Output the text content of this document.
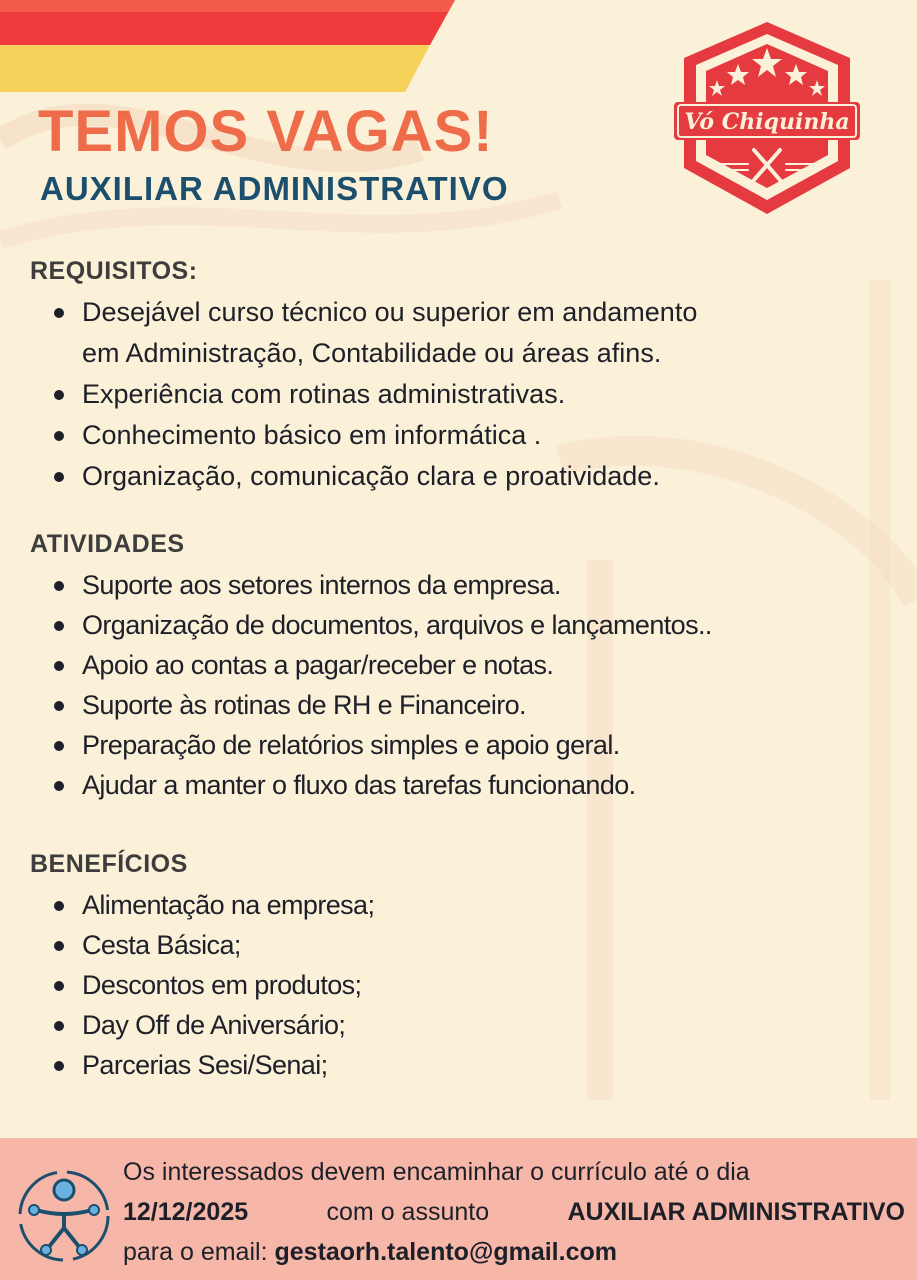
TEMOS VAGAS!
AUXILIAR ADMINISTRATIVO
Vó Chiquinha
REQUISITOS:
Desejável curso técnico ou superior em andamento
em Administração, Contabilidade ou áreas afins.
Experiência com rotinas administrativas.
Conhecimento básico em informática .
Organização, comunicação clara e proatividade.
ATIVIDADES
Suporte aos setores internos da empresa.
Organização de documentos, arquivos e lançamentos..
Apoio ao contas a pagar/receber e notas.
Suporte às rotinas de RH e Financeiro.
Preparação de relatórios simples e apoio geral.
Ajudar a manter o fluxo das tarefas funcionando.
BENEFÍCIOS
Alimentação na empresa;
Cesta Básica;
Descontos em produtos;
Day Off de Aniversário;
Parcerias Sesi/Senai;
Os interessados devem encaminhar o currículo até o dia
12/12/2025	com o assunto	AUXILIAR ADMINISTRATIVO
para o email: gestaorh.talento@gmail.com
